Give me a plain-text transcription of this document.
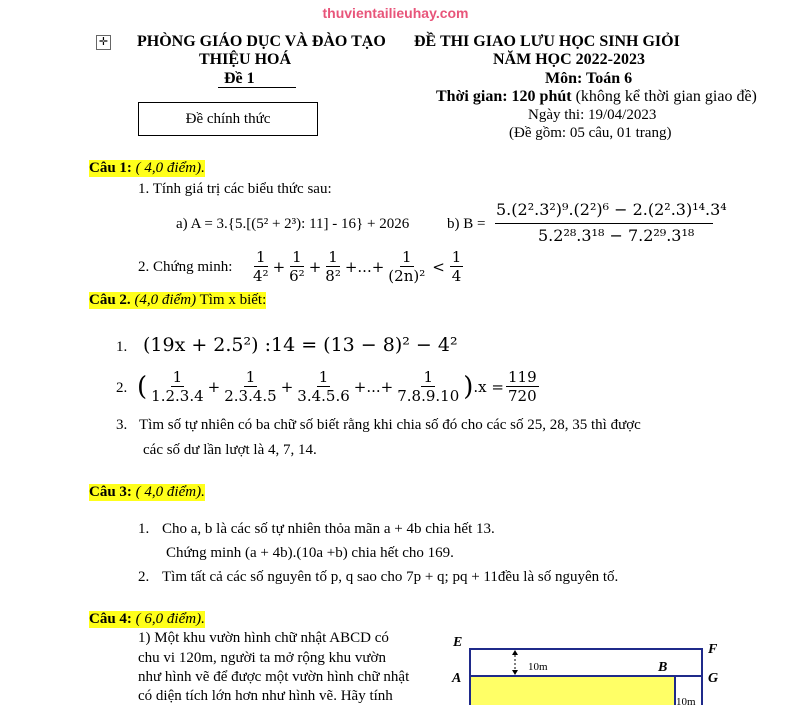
thuvientailieuhay.com
✛ PHÒNG GIÁO DỤC VÀ ĐÀO TẠO
THIỆU HOÁ
Đề 1
Đề chính thức
ĐỀ THI GIAO LƯU HỌC SINH GIỎI
NĂM HỌC 2022-2023
Môn: Toán 6
Thời gian: 120 phút (không kể thời gian giao đề)
Ngày thi: 19/04/2023
(Đề gồm: 05 câu, 01 trang)
Câu 1: ( 4,0 điểm).
1. Tính giá trị các biểu thức sau:
a) A = 3.{5.[(5² + 2³): 11] - 16} + 2026	b) B =
5.(2².3²)⁹.(2²)⁶ − 2.(2².3)¹⁴.3⁴
5.2²⁸.3¹⁸ − 7.2²⁹.3¹⁸
2. Chứng minh: $\frac{1}{\text{4²}} + \frac{1}{\text{6²}} + \frac{1}{\text{8²}}$ +...+ $\frac{1}{\text{(2n)²}} < \frac{1}{4}$
Câu 2. (4,0 điểm) Tìm x biết:
1. (19x + 2.5²) :14 = (13 − 8)² − 4²
2. ( $\frac{1}{1.2.3.4} + \frac{1}{2.3.4.5} + \frac{1}{3.4.5.6}$ +...+ $\frac{1}{7.8.9.10}$ ) $.x = \frac{119}{720}$
3. Tìm số tự nhiên có ba chữ số biết rằng khi chia số đó cho các số 25, 28, 35 thì được
các số dư lần lượt là 4, 7, 14.
Câu 3: ( 4,0 điểm).
1. Cho a, b là các số tự nhiên thỏa mãn a + 4b chia hết 13.
Chứng minh (a + 4b).(10a +b) chia hết cho 169.
2. Tìm tất cả các số nguyên tố p, q sao cho 7p + q; pq + 11đều là số nguyên tố.
Câu 4: ( 6,0 điểm).
1) Một khu vườn hình chữ nhật ABCD có
chu vi 120m, người ta mở rộng khu vườn
như hình vẽ để được một vườn hình chữ nhật
có diện tích lớn hơn như hình vẽ. Hãy tính
E	F
A
B
G
10m
10m
